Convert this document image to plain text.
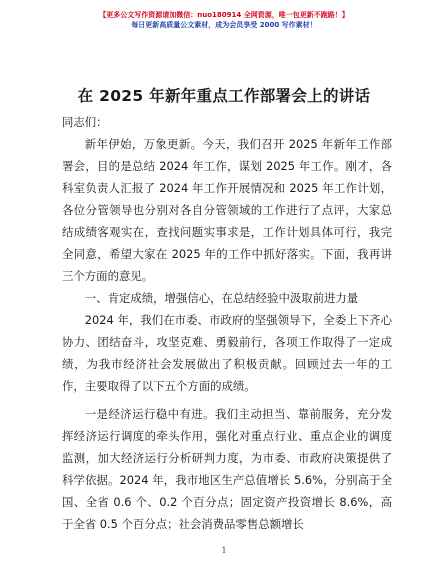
【更多公文写作资源请加微信：nuo180914 全网资源，唯一包更新不跑路！】
每日更新高质量公文素材，成为会员享受 2000 写作素材！
在 2025 年新年重点工作部署会上的讲话

同志们：

新年伊始，万象更新。今天，我们召开 2025 年新年工作部署会，目的是总结 2024 年工作，谋划 2025 年工作。刚才，各科室负责人汇报了 2024 年工作开展情况和 2025 年工作计划，各位分管领导也分别对各自分管领域的工作进行了点评，大家总结成绩客观实在，查找问题实事求是，工作计划具体可行，我完全同意，希望大家在 2025 年的工作中抓好落实。下面，我再讲三个方面的意见。

一、肯定成绩，增强信心，在总结经验中汲取前进力量

2024 年，我们在市委、市政府的坚强领导下，全委上下齐心协力、团结奋斗，攻坚克难、勇毅前行，各项工作取得了一定成绩，为我市经济社会发展做出了积极贡献。回顾过去一年的工作，主要取得了以下五个方面的成绩。

一是经济运行稳中有进。我们主动担当、靠前服务，充分发挥经济运行调度的牵头作用，强化对重点行业、重点企业的调度监测，加大经济运行分析研判力度，为市委、市政府决策提供了科学依据。2024 年，我市地区生产总值增长 5.6%，分别高于全国、全省 0.6 个、0.2 个百分点；固定资产投资增长 8.6%，高于全省 0.5 个百分点；社会消费品零售总额增长

1
